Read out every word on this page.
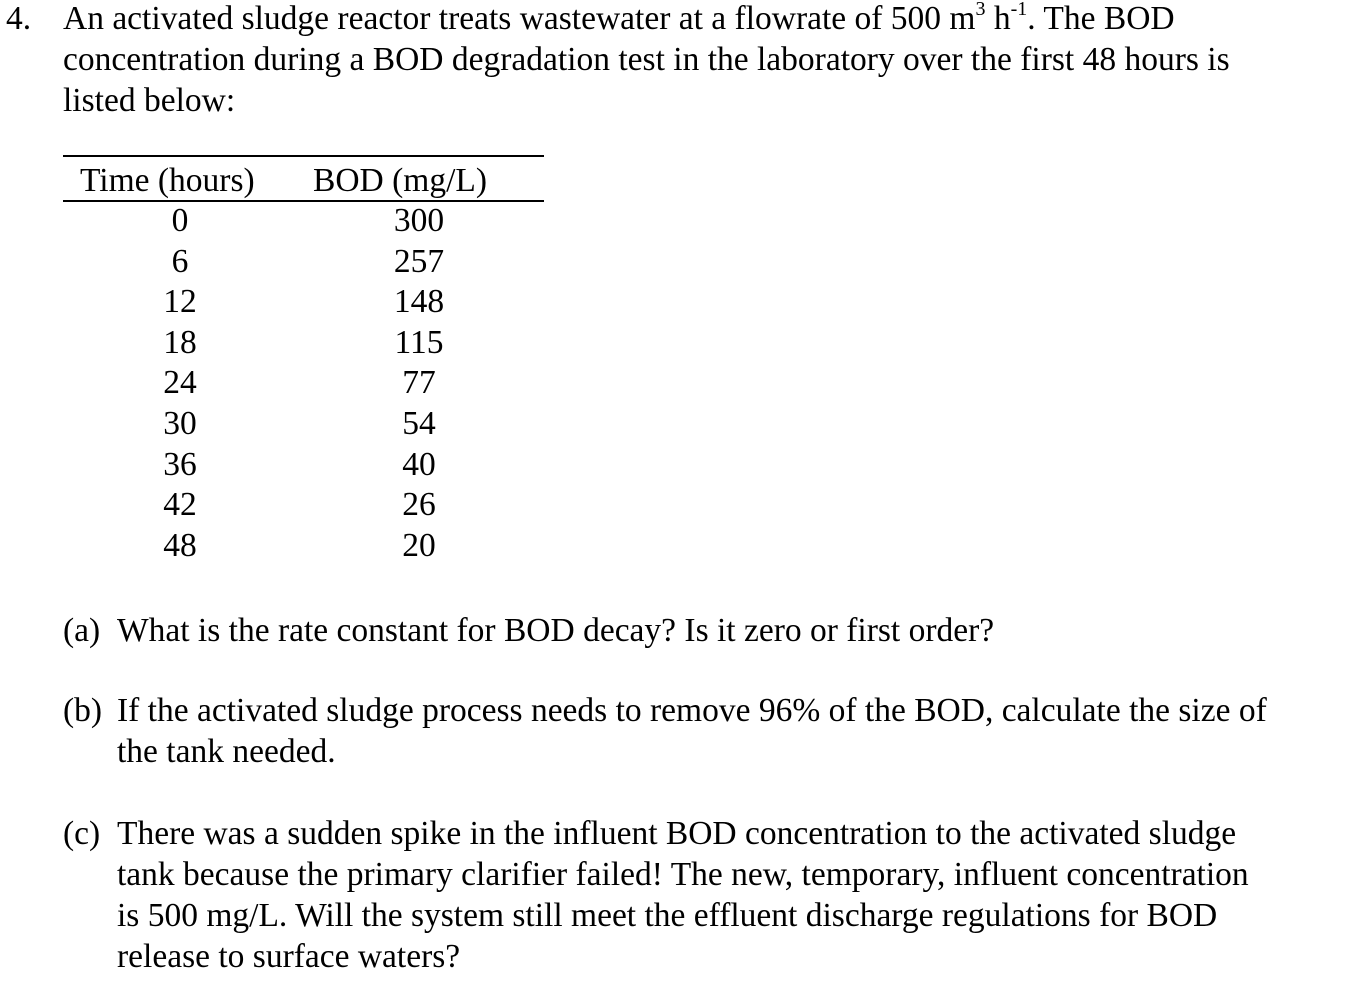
4. An activated sludge reactor treats wastewater at a flowrate of 500 $m^3$ $h^{-1}$. The BOD
concentration during a BOD degradation test in the laboratory over the first 48 hours is
listed below:
Time (hours) BOD (mg/L)
0
6
12
18
24
30
36
42
48
300
257
148
115
77
54
40
26
20
(a) What is the rate constant for BOD decay? Is it zero or first order?
(b) If the activated sludge process needs to remove 96% of the BOD, calculate the size of
the tank needed.
(c) There was a sudden spike in the influent BOD concentration to the activated sludge
tank because the primary clarifier failed! The new, temporary, influent concentration
is 500 mg/L. Will the system still meet the effluent discharge regulations for BOD
release to surface waters?
